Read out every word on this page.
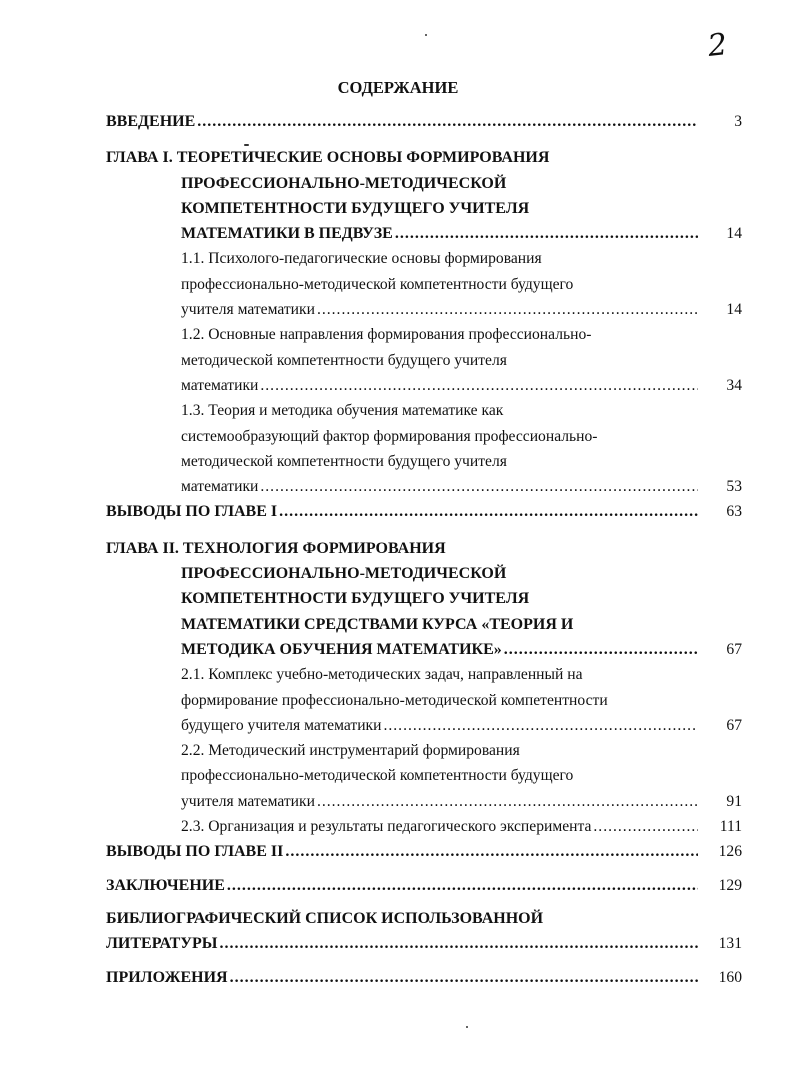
2
СОДЕРЖАНИЕ
ВВЕДЕНИЕ .....	3
ГЛАВА I. ТЕОРЕТИЧЕСКИЕ ОСНОВЫ ФОРМИРОВАНИЯ
ПРОФЕССИОНАЛЬНО-МЕТОДИЧЕСКОЙ
КОМПЕТЕНТНОСТИ БУДУЩЕГО УЧИТЕЛЯ
МАТЕМАТИКИ В ПЕДВУЗЕ .....	14
1.1. Психолого-педагогические основы формирования
профессионально-методической компетентности будущего
учителя математики .....	14
1.2. Основные направления формирования профессионально-
методической компетентности будущего учителя
математики .....	34
1.3. Теория и методика обучения математике как
системообразующий фактор формирования профессионально-
методической компетентности будущего учителя
математики .....	53
ВЫВОДЫ ПО ГЛАВЕ I .....	63
ГЛАВА II. ТЕХНОЛОГИЯ ФОРМИРОВАНИЯ
ПРОФЕССИОНАЛЬНО-МЕТОДИЧЕСКОЙ
КОМПЕТЕНТНОСТИ БУДУЩЕГО УЧИТЕЛЯ
МАТЕМАТИКИ СРЕДСТВАМИ КУРСА «ТЕОРИЯ И
МЕТОДИКА ОБУЧЕНИЯ МАТЕМАТИКЕ» .....	67
2.1. Комплекс учебно-методических задач, направленный на
формирование профессионально-методической компетентности
будущего учителя математики .....	67
2.2. Методический инструментарий формирования
профессионально-методической компетентности будущего
учителя математики .....	91
2.3. Организация и результаты педагогического эксперимента .....	111
ВЫВОДЫ ПО ГЛАВЕ II .....	126
ЗАКЛЮЧЕНИЕ .....	129
БИБЛИОГРАФИЧЕСКИЙ СПИСОК ИСПОЛЬЗОВАННОЙ
ЛИТЕРАТУРЫ .....	131
ПРИЛОЖЕНИЯ .....	160
